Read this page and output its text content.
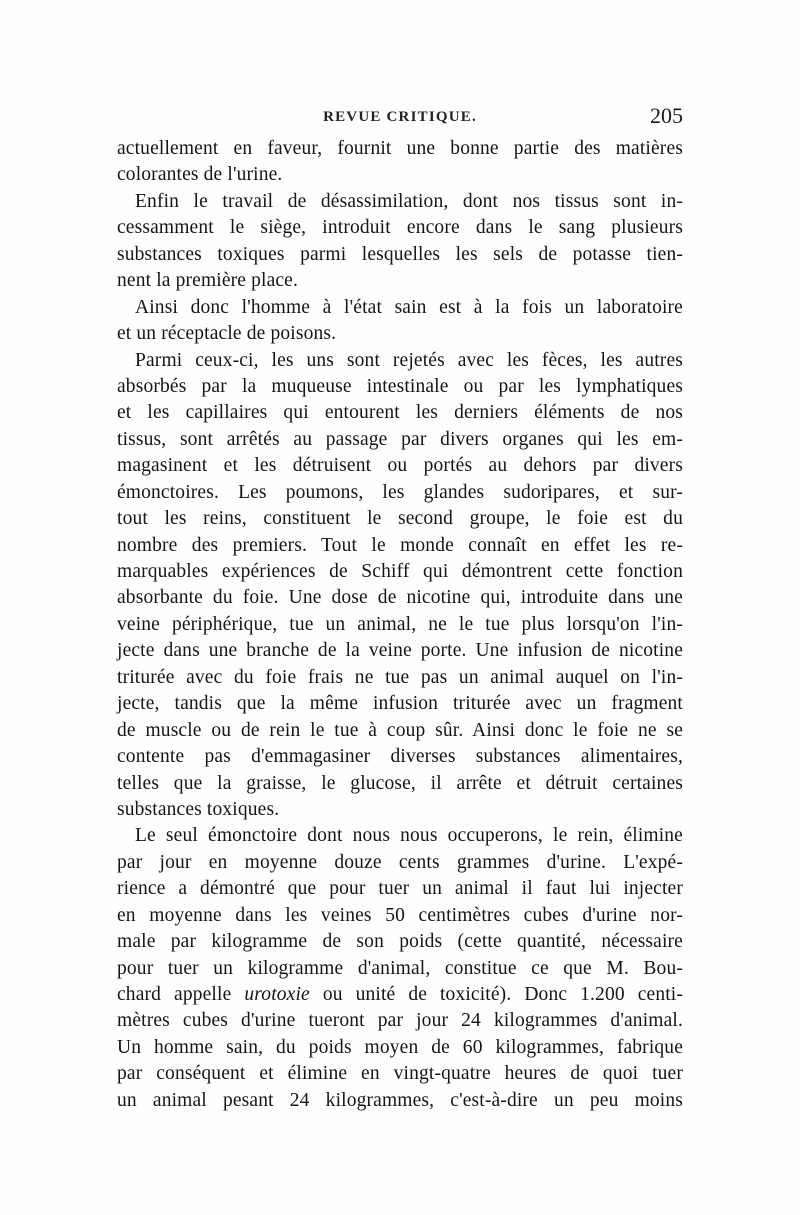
REVUE CRITIQUE.	205
actuellement en faveur, fournit une bonne partie des matières
colorantes de l'urine.
Enfin le travail de désassimilation, dont nos tissus sont in-
cessamment le siège, introduit encore dans le sang plusieurs
substances toxiques parmi lesquelles les sels de potasse tien-
nent la première place.
Ainsi donc l'homme à l'état sain est à la fois un laboratoire
et un réceptacle de poisons.
Parmi ceux-ci, les uns sont rejetés avec les fèces, les autres
absorbés par la muqueuse intestinale ou par les lymphatiques
et les capillaires qui entourent les derniers éléments de nos
tissus, sont arrêtés au passage par divers organes qui les em-
magasinent et les détruisent ou portés au dehors par divers
émonctoires. Les poumons, les glandes sudoripares, et sur-
tout les reins, constituent le second groupe, le foie est du
nombre des premiers. Tout le monde connaît en effet les re-
marquables expériences de Schiff qui démontrent cette fonction
absorbante du foie. Une dose de nicotine qui, introduite dans une
veine périphérique, tue un animal, ne le tue plus lorsqu'on l'in-
jecte dans une branche de la veine porte. Une infusion de nicotine
triturée avec du foie frais ne tue pas un animal auquel on l'in-
jecte, tandis que la même infusion triturée avec un fragment
de muscle ou de rein le tue à coup sûr. Ainsi donc le foie ne se
contente pas d'emmagasiner diverses substances alimentaires,
telles que la graisse, le glucose, il arrête et détruit certaines
substances toxiques.
Le seul émonctoire dont nous nous occuperons, le rein, élimine
par jour en moyenne douze cents grammes d'urine. L'expé-
rience a démontré que pour tuer un animal il faut lui injecter
en moyenne dans les veines 50 centimètres cubes d'urine nor-
male par kilogramme de son poids (cette quantité, nécessaire
pour tuer un kilogramme d'animal, constitue ce que M. Bou-
chard appelle urotoxie ou unité de toxicité). Donc 1.200 centi-
mètres cubes d'urine tueront par jour 24 kilogrammes d'animal.
Un homme sain, du poids moyen de 60 kilogrammes, fabrique
par conséquent et élimine en vingt-quatre heures de quoi tuer
un animal pesant 24 kilogrammes, c'est-à-dire un peu moins
